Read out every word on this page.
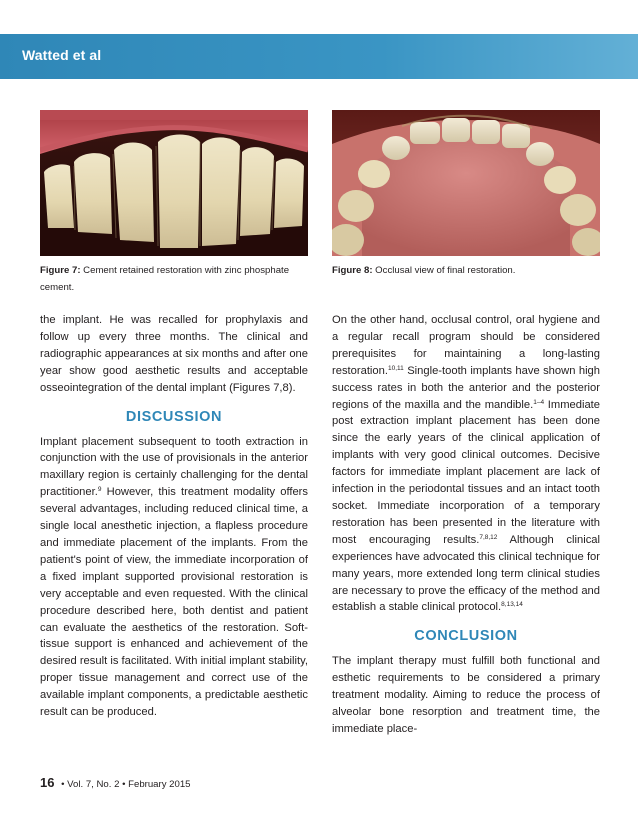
Watted et al
Figure 7: Cement retained restoration with zinc phosphate cement.
Figure 8: Occlusal view of final restoration.

the implant. He was recalled for prophylaxis and follow up every three months. The clinical and radiographic appearances at six months and after one year show good aesthetic results and acceptable osseointegration of the dental implant (Figures 7,8).

DISCUSSION

Implant placement subsequent to tooth extraction in conjunction with the use of provisionals in the anterior maxillary region is certainly challenging for the dental practitioner.$^9$ However, this treatment modality offers several advantages, including reduced clinical time, a single local anesthetic injection, a flapless procedure and immediate placement of the implants. From the patient's point of view, the immediate incorporation of a fixed implant supported provisional restoration is very acceptable and even requested. With the clinical procedure described here, both dentist and patient can evaluate the aesthetics of the restoration. Soft-tissue support is enhanced and achievement of the desired result is facilitated. With initial implant stability, proper tissue management and correct use of the available implant components, a predictable aesthetic result can be produced.

On the other hand, occlusal control, oral hygiene and a regular recall program should be considered prerequisites for maintaining a long-lasting restoration.$^{10,11}$ Single-tooth implants have shown high success rates in both the anterior and the posterior regions of the maxilla and the mandible.$^{1-4}$ Immediate post extraction implant placement has been done since the early years of the clinical application of implants with very good clinical outcomes. Decisive factors for immediate implant placement are lack of infection in the periodontal tissues and an intact tooth socket. Immediate incorporation of a temporary restoration has been presented in the literature with most encouraging results.$^{7,8,12}$ Although clinical experiences have advocated this clinical technique for many years, more extended long term clinical studies are necessary to prove the efficacy of the method and establish a stable clinical protocol.$^{8,13,14}$

CONCLUSION

The implant therapy must fulfill both functional and esthetic requirements to be considered a primary treatment modality. Aiming to reduce the process of alveolar bone resorption and treatment time, the immediate place-

16 • Vol. 7, No. 2 • February 2015
